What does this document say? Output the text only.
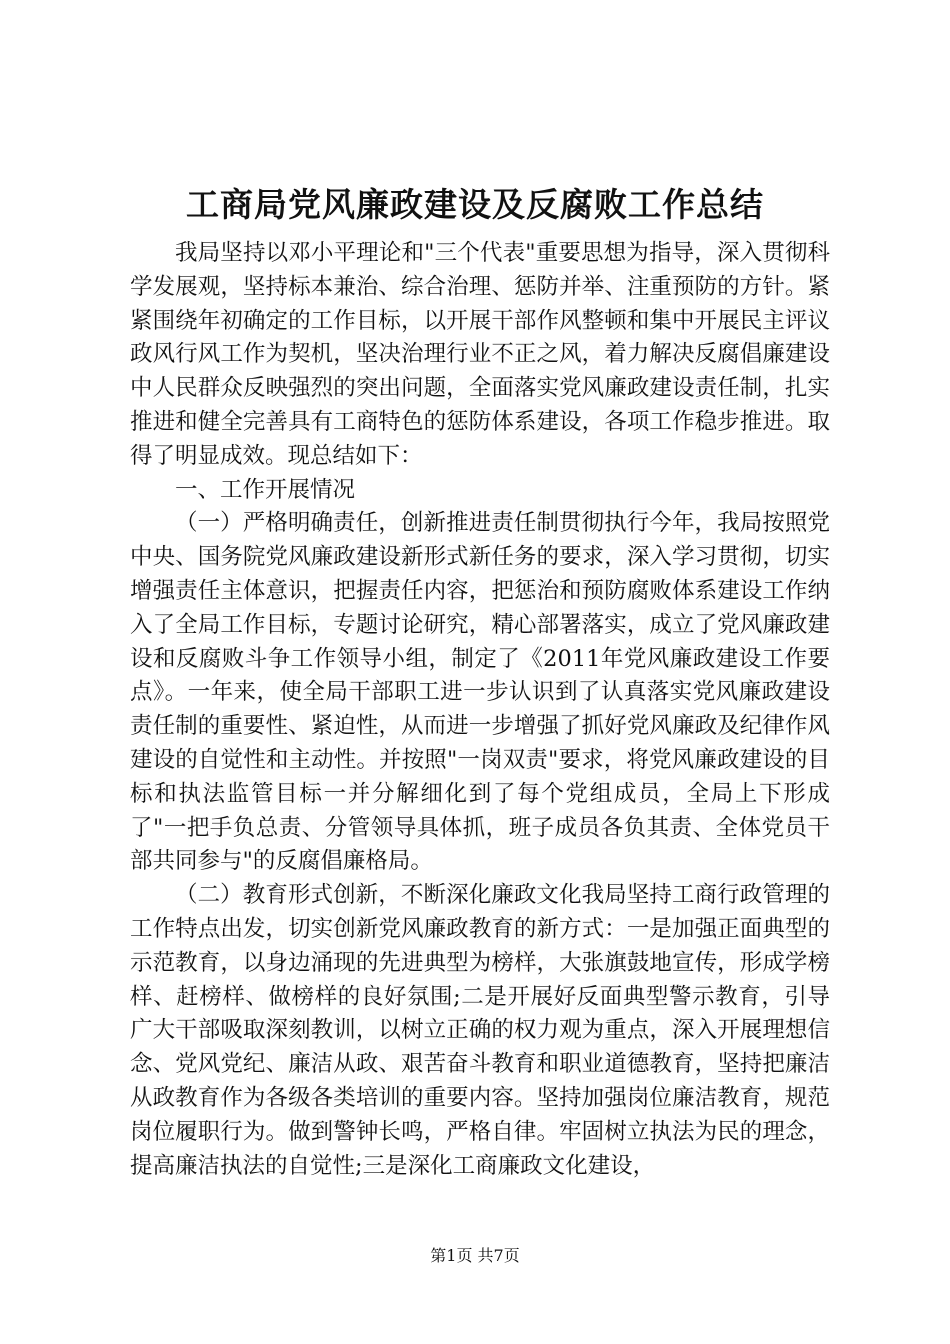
工商局党风廉政建设及反腐败工作总结

我局坚持以邓小平理论和"三个代表"重要思想为指导，深入贯彻科学发展观，坚持标本兼治、综合治理、惩防并举、注重预防的方针。紧紧围绕年初确定的工作目标，以开展干部作风整顿和集中开展民主评议政风行风工作为契机，坚决治理行业不正之风，着力解决反腐倡廉建设中人民群众反映强烈的突出问题，全面落实党风廉政建设责任制，扎实推进和健全完善具有工商特色的惩防体系建设，各项工作稳步推进。取得了明显成效。现总结如下：

一、工作开展情况

（一）严格明确责任，创新推进责任制贯彻执行今年，我局按照党中央、国务院党风廉政建设新形式新任务的要求，深入学习贯彻，切实增强责任主体意识，把握责任内容，把惩治和预防腐败体系建设工作纳入了全局工作目标，专题讨论研究，精心部署落实，成立了党风廉政建设和反腐败斗争工作领导小组，制定了《2011年党风廉政建设工作要点》。一年来，使全局干部职工进一步认识到了认真落实党风廉政建设责任制的重要性、紧迫性，从而进一步增强了抓好党风廉政及纪律作风建设的自觉性和主动性。并按照"一岗双责"要求，将党风廉政建设的目标和执法监管目标一并分解细化到了每个党组成员，全局上下形成了"一把手负总责、分管领导具体抓，班子成员各负其责、全体党员干部共同参与"的反腐倡廉格局。

（二）教育形式创新，不断深化廉政文化我局坚持工商行政管理的工作特点出发，切实创新党风廉政教育的新方式：一是加强正面典型的示范教育，以身边涌现的先进典型为榜样，大张旗鼓地宣传，形成学榜样、赶榜样、做榜样的良好氛围;二是开展好反面典型警示教育，引导广大干部吸取深刻教训，以树立正确的权力观为重点，深入开展理想信念、党风党纪、廉洁从政、艰苦奋斗教育和职业道德教育，坚持把廉洁从政教育作为各级各类培训的重要内容。坚持加强岗位廉洁教育，规范岗位履职行为。做到警钟长鸣，严格自律。牢固树立执法为民的理念，提高廉洁执法的自觉性;三是深化工商廉政文化建设，

第1页 共7页
